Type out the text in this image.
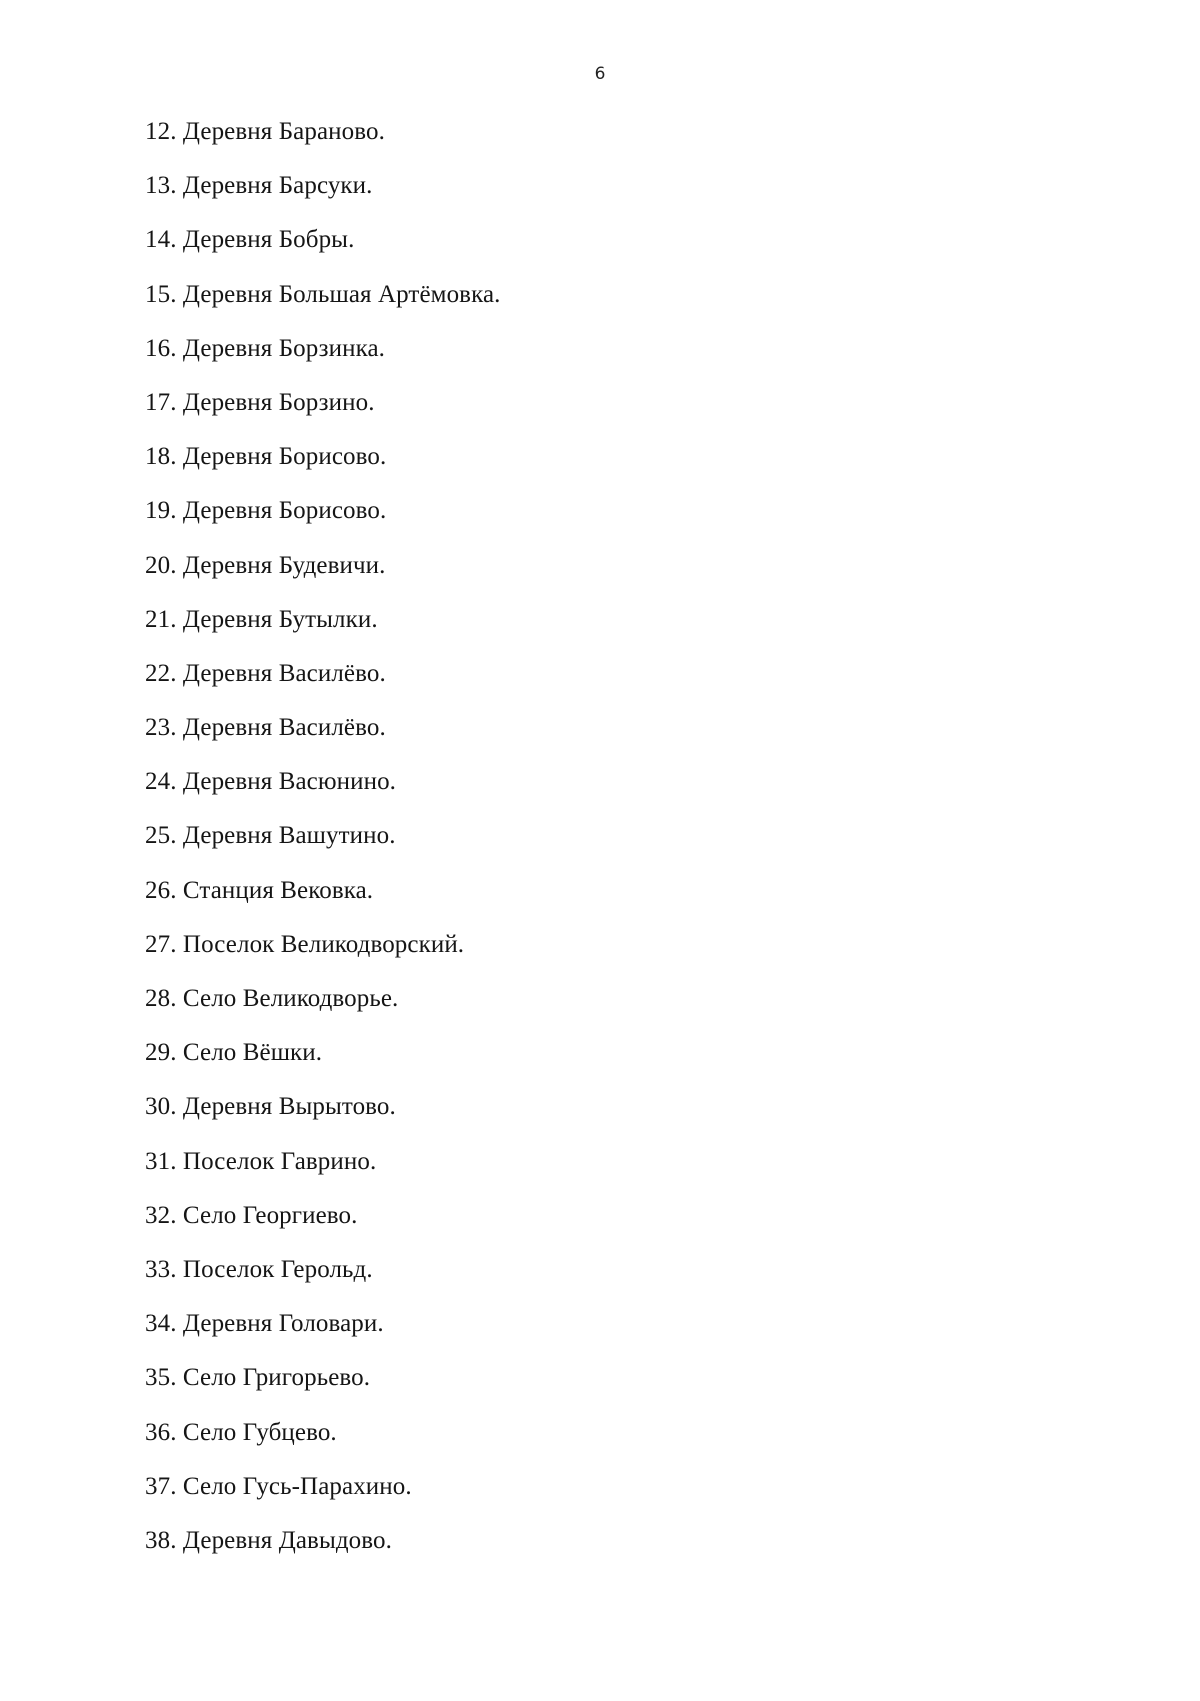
6
12. Деревня Бараново.
13. Деревня Барсуки.
14. Деревня Бобры.
15. Деревня Большая Артёмовка.
16. Деревня Борзинка.
17. Деревня Борзино.
18. Деревня Борисово.
19. Деревня Борисово.
20. Деревня Будевичи.
21. Деревня Бутылки.
22. Деревня Василёво.
23. Деревня Василёво.
24. Деревня Васюнино.
25. Деревня Вашутино.
26. Станция Вековка.
27. Поселок Великодворский.
28. Село Великодворье.
29. Село Вёшки.
30. Деревня Вырытово.
31. Поселок Гаврино.
32. Село Георгиево.
33. Поселок Герольд.
34. Деревня Головари.
35. Село Григорьево.
36. Село Губцево.
37. Село Гусь-Парахино.
38. Деревня Давыдово.
